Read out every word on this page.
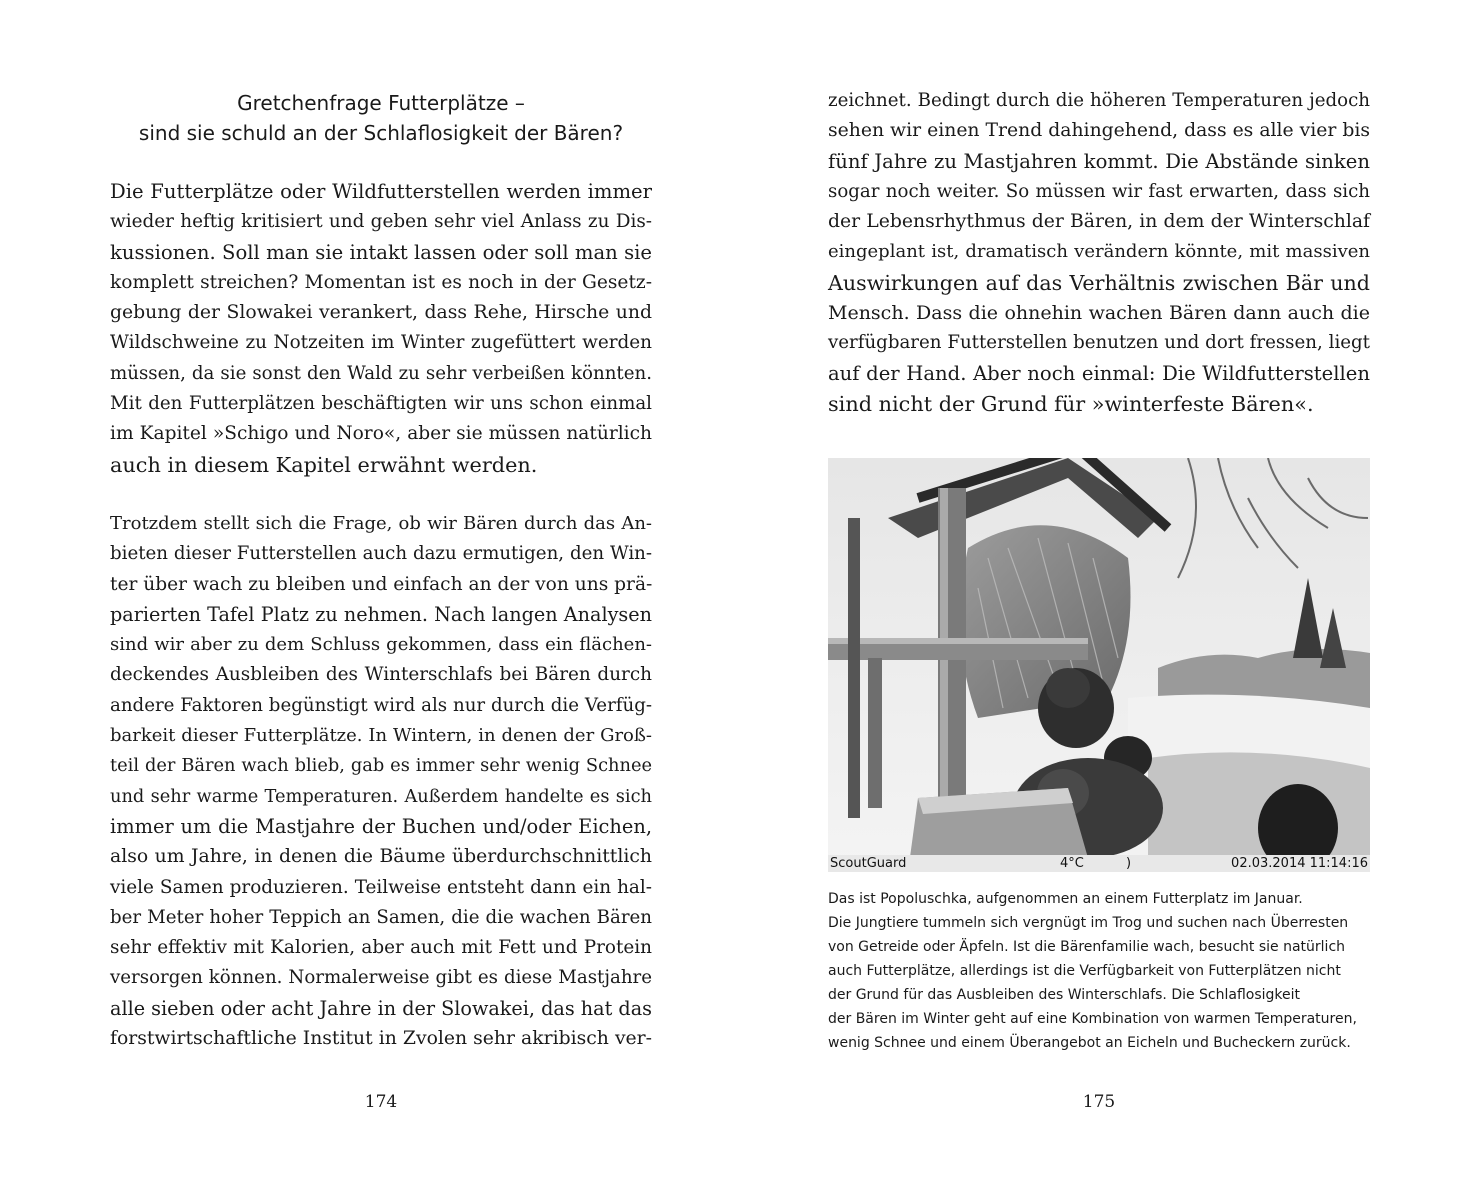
Gretchenfrage Futterplätze –
sind sie schuld an der Schlaflosigkeit der Bären?
Die Futterplätze oder Wildfutterstellen werden immer
wieder heftig kritisiert und geben sehr viel Anlass zu Dis-
kussionen. Soll man sie intakt lassen oder soll man sie
komplett streichen? Momentan ist es noch in der Gesetz-
gebung der Slowakei verankert, dass Rehe, Hirsche und
Wildschweine zu Notzeiten im Winter zugefüttert werden
müssen, da sie sonst den Wald zu sehr verbeißen könnten.
Mit den Futterplätzen beschäftigten wir uns schon einmal
im Kapitel »Schigo und Noro«, aber sie müssen natürlich
auch in diesem Kapitel erwähnt werden.
Trotzdem stellt sich die Frage, ob wir Bären durch das An-
bieten dieser Futterstellen auch dazu ermutigen, den Win-
ter über wach zu bleiben und einfach an der von uns prä-
parierten Tafel Platz zu nehmen. Nach langen Analysen
sind wir aber zu dem Schluss gekommen, dass ein flächen-
deckendes Ausbleiben des Winterschlafs bei Bären durch
andere Faktoren begünstigt wird als nur durch die Verfüg-
barkeit dieser Futterplätze. In Wintern, in denen der Groß-
teil der Bären wach blieb, gab es immer sehr wenig Schnee
und sehr warme Temperaturen. Außerdem handelte es sich
immer um die Mastjahre der Buchen und/oder Eichen,
also um Jahre, in denen die Bäume überdurchschnittlich
viele Samen produzieren. Teilweise entsteht dann ein hal-
ber Meter hoher Teppich an Samen, die die wachen Bären
sehr effektiv mit Kalorien, aber auch mit Fett und Protein
versorgen können. Normalerweise gibt es diese Mastjahre
alle sieben oder acht Jahre in der Slowakei, das hat das
forstwirtschaftliche Institut in Zvolen sehr akribisch ver-
174
zeichnet. Bedingt durch die höheren Temperaturen jedoch
sehen wir einen Trend dahingehend, dass es alle vier bis
fünf Jahre zu Mastjahren kommt. Die Abstände sinken
sogar noch weiter. So müssen wir fast erwarten, dass sich
der Lebensrhythmus der Bären, in dem der Winterschlaf
eingeplant ist, dramatisch verändern könnte, mit massiven
Auswirkungen auf das Verhältnis zwischen Bär und
Mensch. Dass die ohnehin wachen Bären dann auch die
verfügbaren Futterstellen benutzen und dort fressen, liegt
auf der Hand. Aber noch einmal: Die Wildfutterstellen
sind nicht der Grund für »winterfeste Bären«.
ScoutGuard	4°C	)	02.03.2014 11:14:16
Das ist Popoluschka, aufgenommen an einem Futterplatz im Januar.
Die Jungtiere tummeln sich vergnügt im Trog und suchen nach Überresten
von Getreide oder Äpfeln. Ist die Bärenfamilie wach, besucht sie natürlich
auch Futterplätze, allerdings ist die Verfügbarkeit von Futterplätzen nicht
der Grund für das Ausbleiben des Winterschlafs. Die Schlaflosigkeit
der Bären im Winter geht auf eine Kombination von warmen Temperaturen,
wenig Schnee und einem Überangebot an Eicheln und Bucheckern zurück.
175
